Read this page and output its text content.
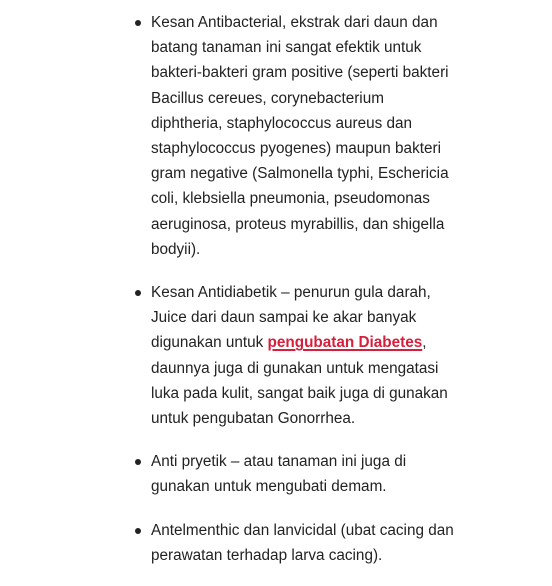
Kesan Antibacterial, ekstrak dari daun dan batang tanaman ini sangat efektik untuk bakteri-bakteri gram positive (seperti bakteri Bacillus cereues, corynebacterium diphtheria, staphylococcus aureus dan staphylococcus pyogenes) maupun bakteri gram negative (Salmonella typhi, Eschericia coli, klebsiella pneumonia, pseudomonas aeruginosa, proteus myrabillis, dan shigella bodyii).
Kesan Antidiabetik – penurun gula darah, Juice dari daun sampai ke akar banyak digunakan untuk pengubatan Diabetes, daunnya juga di gunakan untuk mengatasi luka pada kulit, sangat baik juga di gunakan untuk pengubatan Gonorrhea.
Anti pryetik – atau tanaman ini juga di gunakan untuk mengubati demam.
Antelmenthic dan lanvicidal (ubat cacing dan perawatan terhadap larva cacing).
